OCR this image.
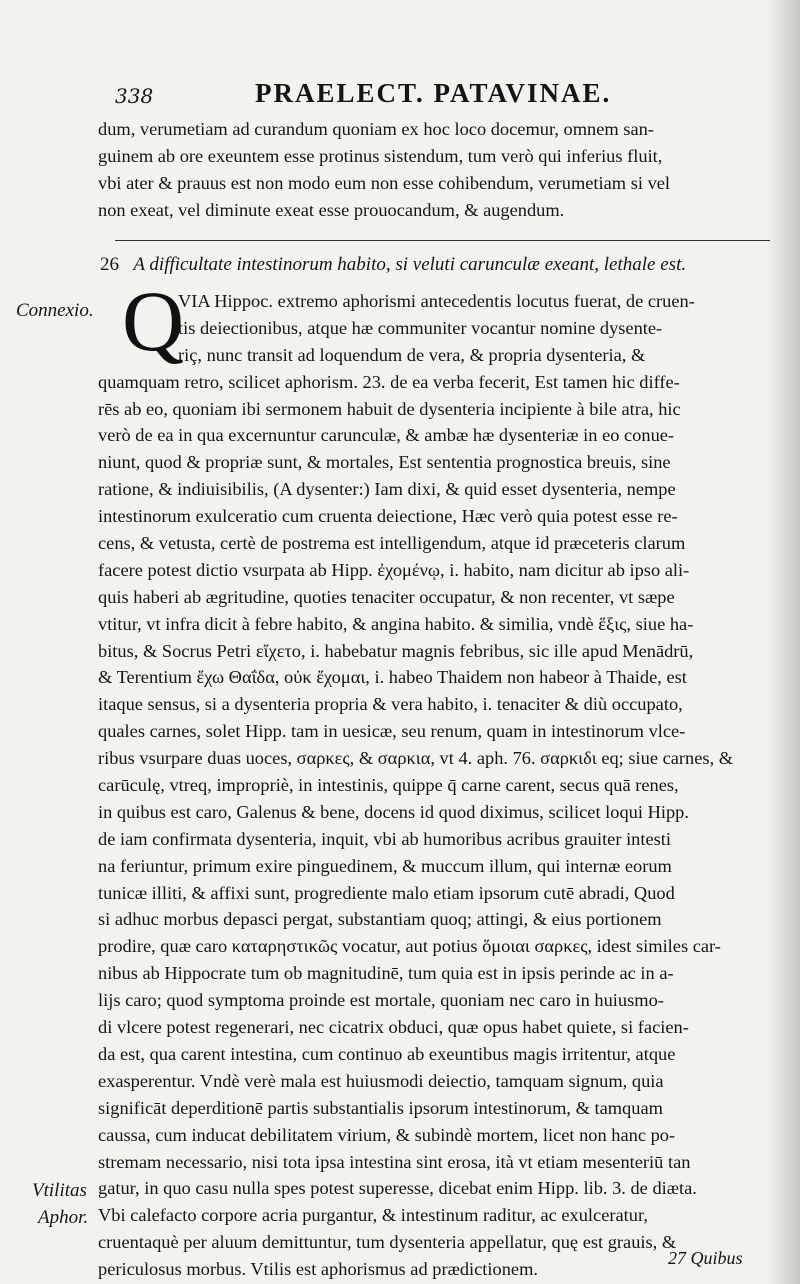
338	PRAELECT. PATAVINAE.
dum, verumetiam ad curandum quoniam ex hoc loco docemur, omnem san-
guinem ab ore exeuntem esse protinus sistendum, tum verò qui inferius fluit,
vbi ater & prauus est non modo eum non esse cohibendum, verumetiam si vel
non exeat, vel diminute exeat esse prouocandum, & augendum.
26 A difficultate intestinorum habito, si veluti carunculæ exeant, lethale est.
Connexio.
Vtilitas
Aphor.
Q
VIA Hippoc. extremo aphorismi antecedentis locutus fuerat, de cruen-
tis deiectionibus, atque hæ communiter vocantur nomine dysente-
riç, nunc transit ad loquendum de vera, & propria dysenteria, &
quamquam retro, scilicet aphorism. 23. de ea verba fecerit, Est tamen hic diffe-
rēs ab eo, quoniam ibi sermonem habuit de dysenteria incipiente à bile atra, hic
verò de ea in qua excernuntur carunculæ, & ambæ hæ dysenteriæ in eo conue-
niunt, quod & propriæ sunt, & mortales, Est sententia prognostica breuis, sine
ratione, & indiuisibilis, (A dysenter:) Iam dixi, & quid esset dysenteria, nempe
intestinorum exulceratio cum cruenta deiectione, Hæc verò quia potest esse re-
cens, & vetusta, certè de postrema est intelligendum, atque id præceteris clarum
facere potest dictio vsurpata ab Hipp. ἐχομένῳ, i. habito, nam dicitur ab ipso ali-
quis haberi ab ægritudine, quoties tenaciter occupatur, & non recenter, vt sæpe
vtitur, vt infra dicit à febre habito, & angina habito. & similia, vndè ἕξις, siue ha-
bitus, & Socrus Petri εἴχετο, i. habebatur magnis febribus, sic ille apud Menādrū,
& Terentium ἔχω Θαΐδα, οὐκ ἔχομαι, i. habeo Thaidem non habeor à Thaide, est
itaque sensus, si a dysenteria propria & vera habito, i. tenaciter & diù occupato,
quales carnes, solet Hipp. tam in uesicæ, seu renum, quam in intestinorum vlce-
ribus vsurpare duas uoces, σαρκες, & σαρκια, vt 4. aph. 76. σαρκιδι eq; siue carnes, &
carūculę, vtreq, impropriè, in intestinis, quippe q̄ carne carent, secus quā renes,
in quibus est caro, Galenus & bene, docens id quod diximus, scilicet loqui Hipp.
de iam confirmata dysenteria, inquit, vbi ab humoribus acribus grauiter intesti
na feriuntur, primum exire pinguedinem, & muccum illum, qui internæ eorum
tunicæ illiti, & affixi sunt, progrediente malo etiam ipsorum cutē abradi, Quod
si adhuc morbus depasci pergat, substantiam quoq; attingi, & eius portionem
prodire, quæ caro καταρηστικῶς vocatur, aut potius ὅμοιαι σαρκες, idest similes car-
nibus ab Hippocrate tum ob magnitudinē, tum quia est in ipsis perinde ac in a-
lijs caro; quod symptoma proinde est mortale, quoniam nec caro in huiusmo-
di vlcere potest regenerari, nec cicatrix obduci, quæ opus habet quiete, si facien-
da est, qua carent intestina, cum continuo ab exeuntibus magis irritentur, atque
exasperentur. Vndè verè mala est huiusmodi deiectio, tamquam signum, quia
significāt deperditionē partis substantialis ipsorum intestinorum, & tamquam
caussa, cum inducat debilitatem virium, & subindè mortem, licet non hanc po-
stremam necessario, nisi tota ipsa intestina sint erosa, ità vt etiam mesenteriū tan
gatur, in quo casu nulla spes potest superesse, dicebat enim Hipp. lib. 3. de diæta.
Vbi calefacto corpore acria purgantur, & intestinum raditur, ac exulceratur,
cruentaquè per aluum demittuntur, tum dysenteria appellatur, quę est grauis, &
periculosus morbus. Vtilis est aphorismus ad prædictionem.
27 Quibus
